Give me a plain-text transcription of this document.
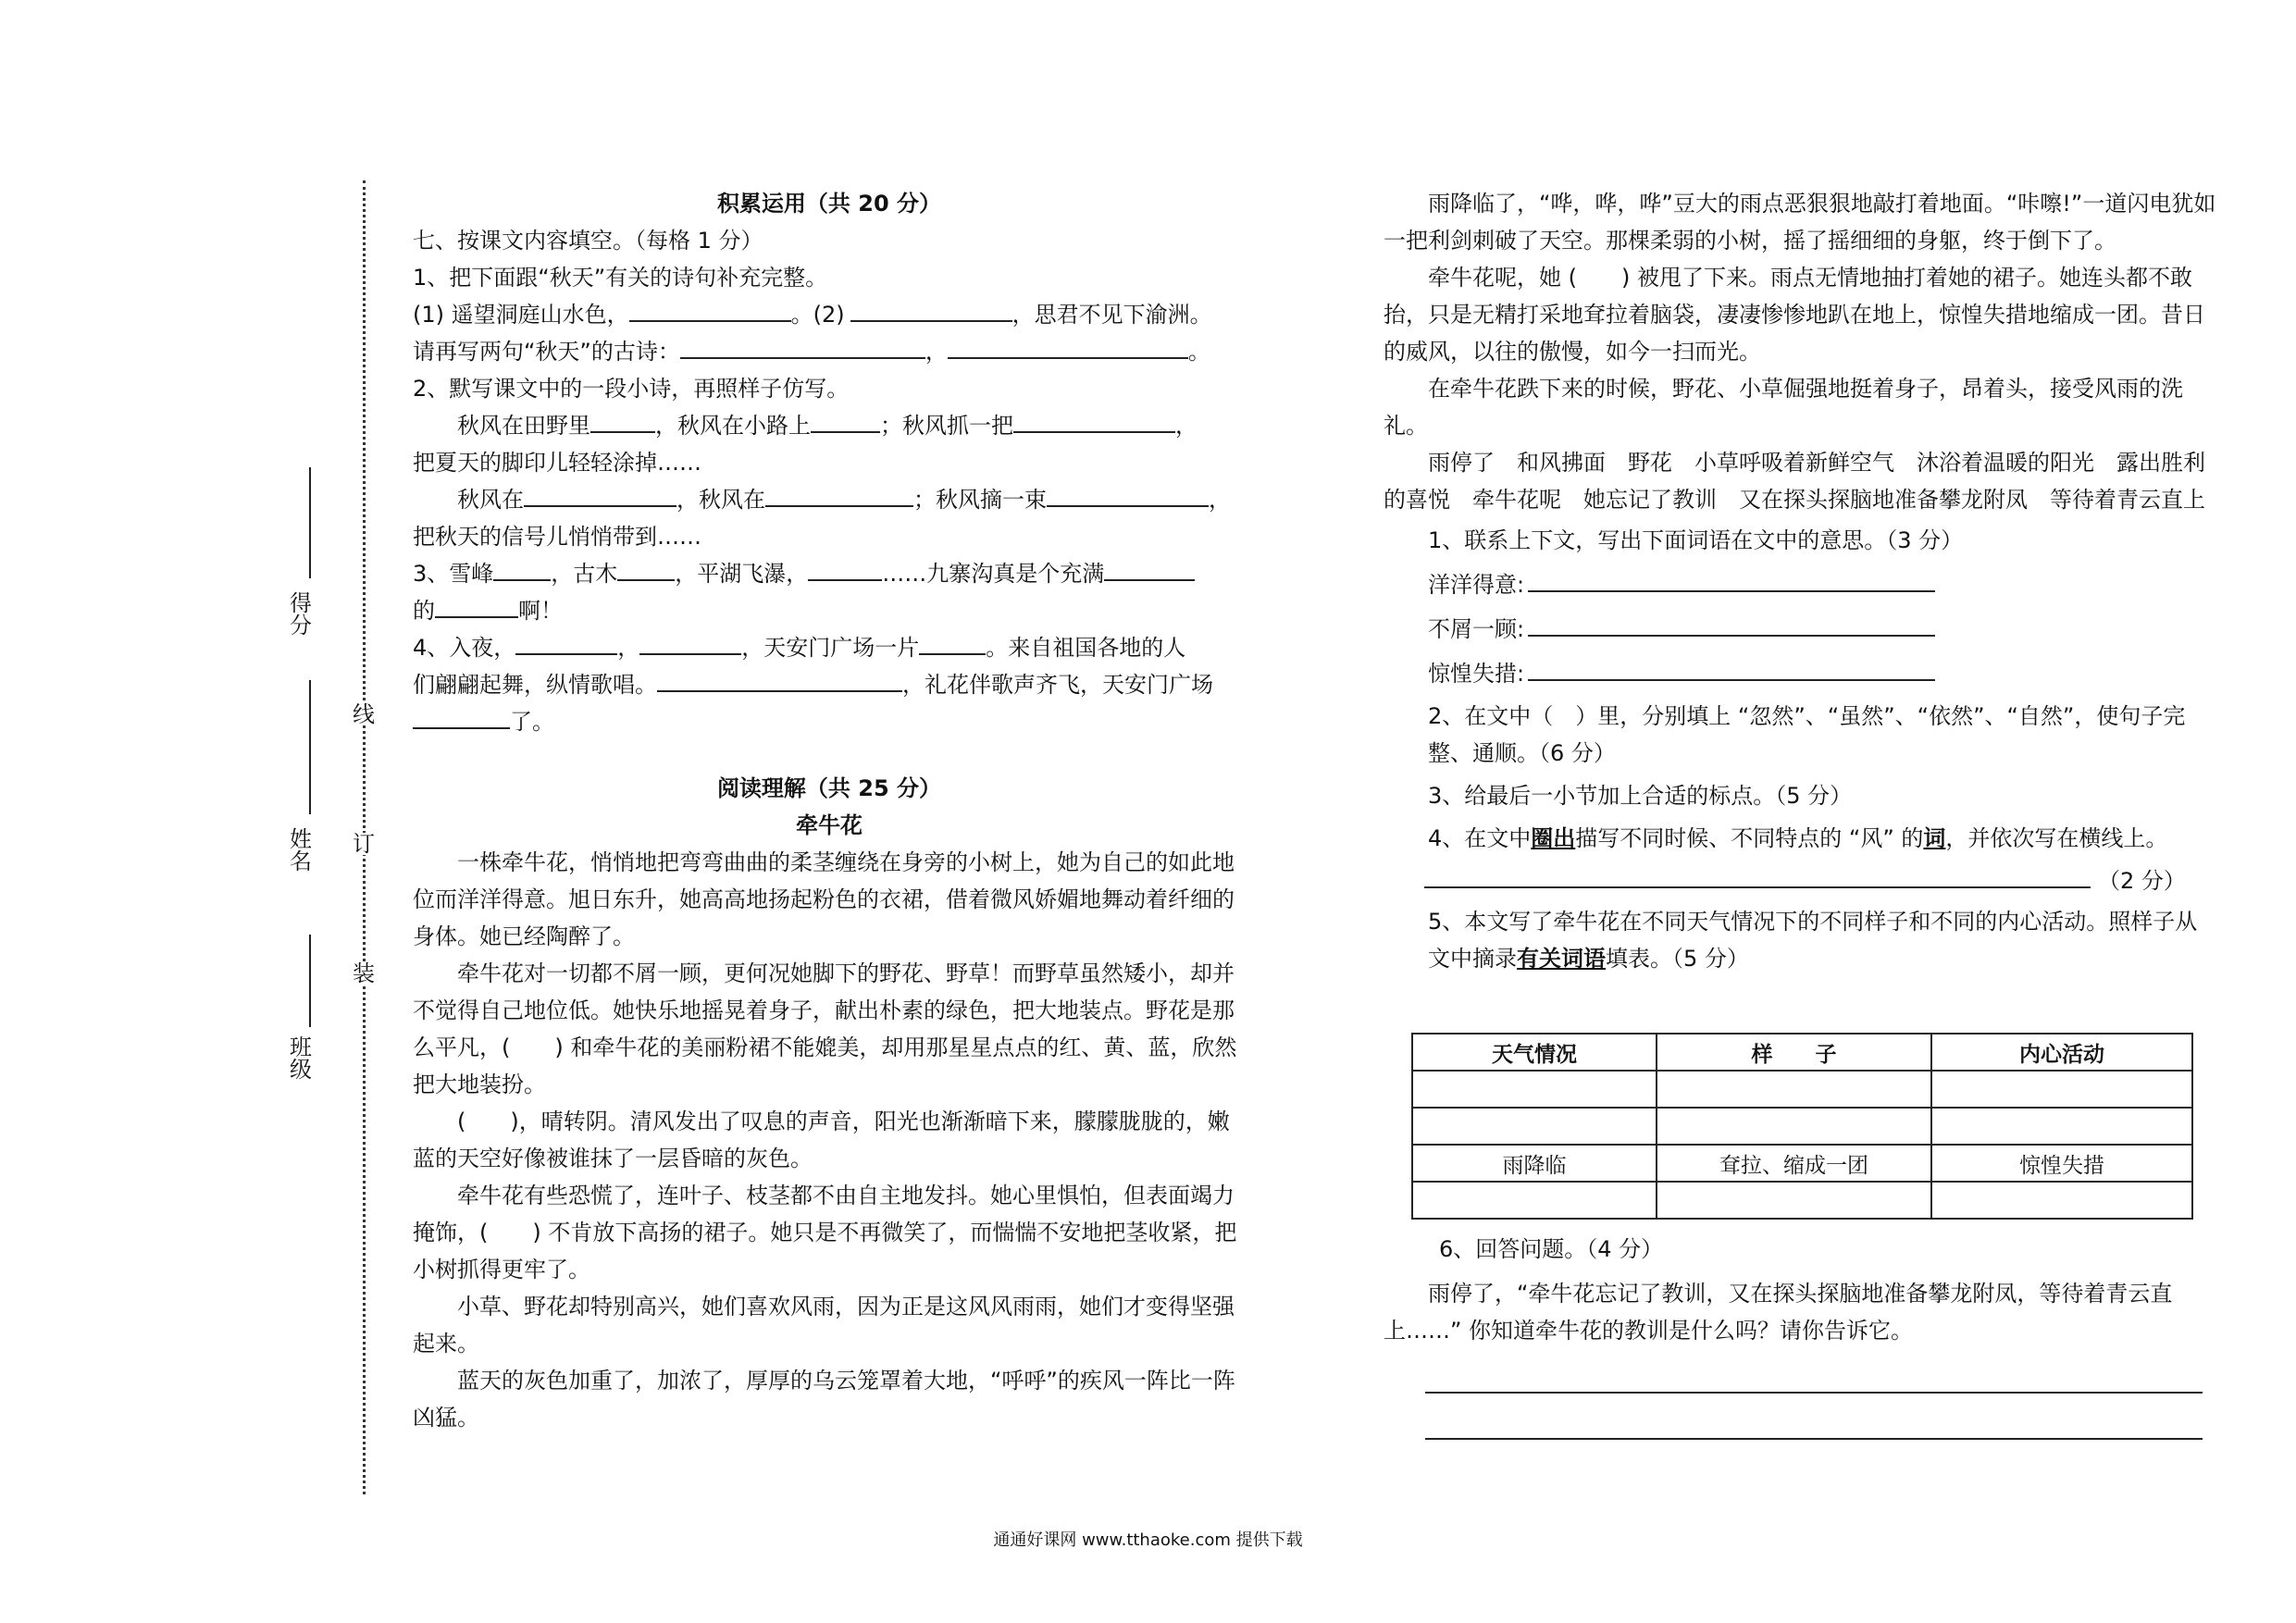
线
订
装
得分
姓名
班级

积累运用（共 20 分）

七、按课文内容填空。（每格 1 分）

1、把下面跟“秋天”有关的诗句补充完整。

(1) 遥望洞庭山水色，	。(2)	，思君不见下渝洲。

请再写两句“秋天”的古诗：	，	。

2、默写课文中的一段小诗，再照样子仿写。

秋风在田野里	，秋风在小路上	；秋风抓一把	，

把夏天的脚印儿轻轻涂掉……

秋风在	，秋风在	；秋风摘一束	，

把秋天的信号儿悄悄带到……

3、雪峰	，古木	，平湖飞瀑，	……九寨沟真是个充满

的	啊！

4、入夜，	，	，天安门广场一片	。来自祖国各地的人

们翩翩起舞，纵情歌唱。	，礼花伴歌声齐飞，天安门广场

了。

阅读理解（共 25 分）

牵牛花

一株牵牛花，悄悄地把弯弯曲曲的柔茎缠绕在身旁的小树上，她为自己的如此地位而洋洋得意。旭日东升，她高高地扬起粉色的衣裙，借着微风娇媚地舞动着纤细的身体。她已经陶醉了。

牵牛花对一切都不屑一顾，更何况她脚下的野花、野草！而野草虽然矮小，却并不觉得自己地位低。她快乐地摇晃着身子，献出朴素的绿色，把大地装点。野花是那么平凡，(　　) 和牵牛花的美丽粉裙不能媲美，却用那星星点点的红、黄、蓝，欣然把大地装扮。

(　　)，晴转阴。清风发出了叹息的声音，阳光也渐渐暗下来，朦朦胧胧的，嫩蓝的天空好像被谁抹了一层昏暗的灰色。

牵牛花有些恐慌了，连叶子、枝茎都不由自主地发抖。她心里惧怕，但表面竭力掩饰，(　　) 不肯放下高扬的裙子。她只是不再微笑了，而惴惴不安地把茎收紧，把小树抓得更牢了。

小草、野花却特别高兴，她们喜欢风雨，因为正是这风风雨雨，她们才变得坚强起来。

蓝天的灰色加重了，加浓了，厚厚的乌云笼罩着大地，“呼呼”的疾风一阵比一阵凶猛。

雨降临了，“哗，哗，哗”豆大的雨点恶狠狠地敲打着地面。“咔嚓!”一道闪电犹如一把利剑刺破了天空。那棵柔弱的小树，摇了摇细细的身躯，终于倒下了。

牵牛花呢，她 (　　) 被甩了下来。雨点无情地抽打着她的裙子。她连头都不敢抬，只是无精打采地耷拉着脑袋，凄凄惨惨地趴在地上，惊惶失措地缩成一团。昔日的威风，以往的傲慢，如今一扫而光。

在牵牛花跌下来的时候，野花、小草倔强地挺着身子，昂着头，接受风雨的洗礼。

雨停了　和风拂面　野花　小草呼吸着新鲜空气　沐浴着温暖的阳光　露出胜利的喜悦　牵牛花呢　她忘记了教训　又在探头探脑地准备攀龙附凤　等待着青云直上

1、联系上下文，写出下面词语在文中的意思。（3 分）

洋洋得意:

不屑一顾:

惊惶失措:

2、在文中（　）里，分别填上 “忽然”、“虽然”、“依然”、“自然”，使句子完整、通顺。（6 分）

3、给最后一小节加上合适的标点。（5 分）

4、在文中圈出描写不同时候、不同特点的 “风” 的词，并依次写在横线上。

（2 分）

5、本文写了牵牛花在不同天气情况下的不同样子和不同的内心活动。照样子从文中摘录有关词语填表。（5 分）

天气情况	样　　子	内心活动

雨降临	耷拉、缩成一团	惊惶失措

6、回答问题。（4 分）

雨停了，“牵牛花忘记了教训，又在探头探脑地准备攀龙附凤，等待着青云直上……” 你知道牵牛花的教训是什么吗？请你告诉它。

通通好课网 www.tthaoke.com 提供下载
